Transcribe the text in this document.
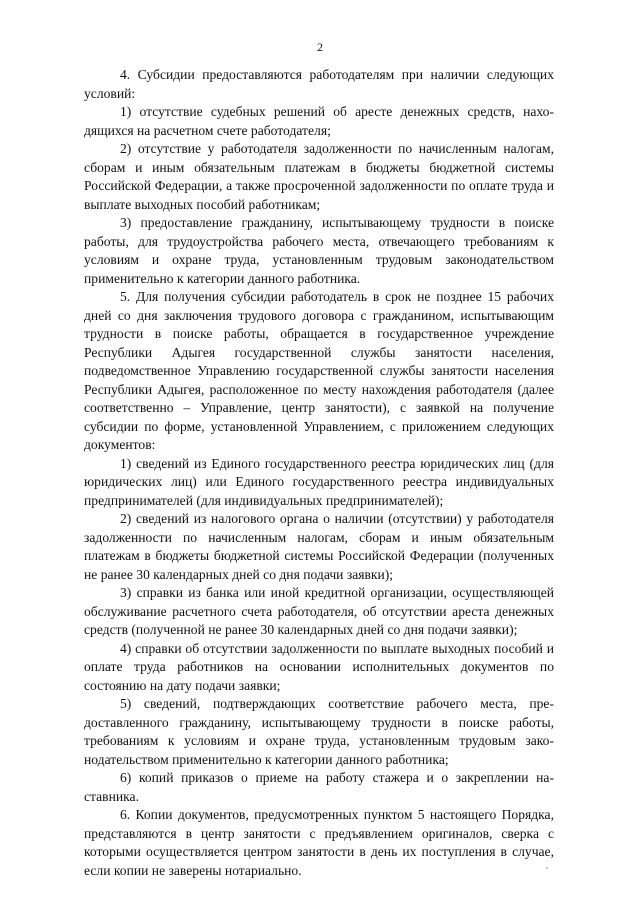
2

4. Субсидии предоставляются работодателям при наличии следующих условий:

1) отсутствие судебных решений об аресте денежных средств, находящихся на расчетном счете работодателя;

2) отсутствие у работодателя задолженности по начисленным налогам, сборам и иным обязательным платежам в бюджеты бюджетной системы Российской Федерации, а также просроченной задолженности по оплате труда и выплате выходных пособий работникам;

3) предоставление гражданину, испытывающему трудности в поиске работы, для трудоустройства рабочего места, отвечающего требованиям к условиям и охране труда, установленным трудовым законодательством применительно к категории данного работника.

5. Для получения субсидии работодатель в срок не позднее 15 рабочих дней со дня заключения трудового договора с гражданином, испытывающим трудности в поиске работы, обращается в государственное учреждение Республики Адыгея государственной службы занятости населения, подведомственное Управлению государственной службы занятости населения Республики Адыгея, расположенное по месту нахождения работодателя (далее соответственно – Управление, центр занятости), с заявкой на получение субсидии по форме, установленной Управлением, с приложением следующих документов:

1) сведений из Единого государственного реестра юридических лиц (для юридических лиц) или Единого государственного реестра индивидуальных предпринимателей (для индивидуальных предпринимателей);

2) сведений из налогового органа о наличии (отсутствии) у работодателя задолженности по начисленным налогам, сборам и иным обязательным платежам в бюджеты бюджетной системы Российской Федерации (полученных не ранее 30 календарных дней со дня подачи заявки);

3) справки из банка или иной кредитной организации, осуществляющей обслуживание расчетного счета работодателя, об отсутствии ареста денежных средств (полученной не ранее 30 календарных дней со дня подачи заявки);

4) справки об отсутствии задолженности по выплате выходных пособий и оплате труда работников на основании исполнительных документов по состоянию на дату подачи заявки;

5) сведений, подтверждающих соответствие рабочего места, предоставленного гражданину, испытывающему трудности в поиске работы, требованиям к условиям и охране труда, установленным трудовым законодательством применительно к категории данного работника;

6) копий приказов о приеме на работу стажера и о закреплении наставника.

6. Копии документов, предусмотренных пунктом 5 настоящего Порядка, представляются в центр занятости с предъявлением оригиналов, сверка с которыми осуществляется центром занятости в день их поступления в случае, если копии не заверены нотариально.
